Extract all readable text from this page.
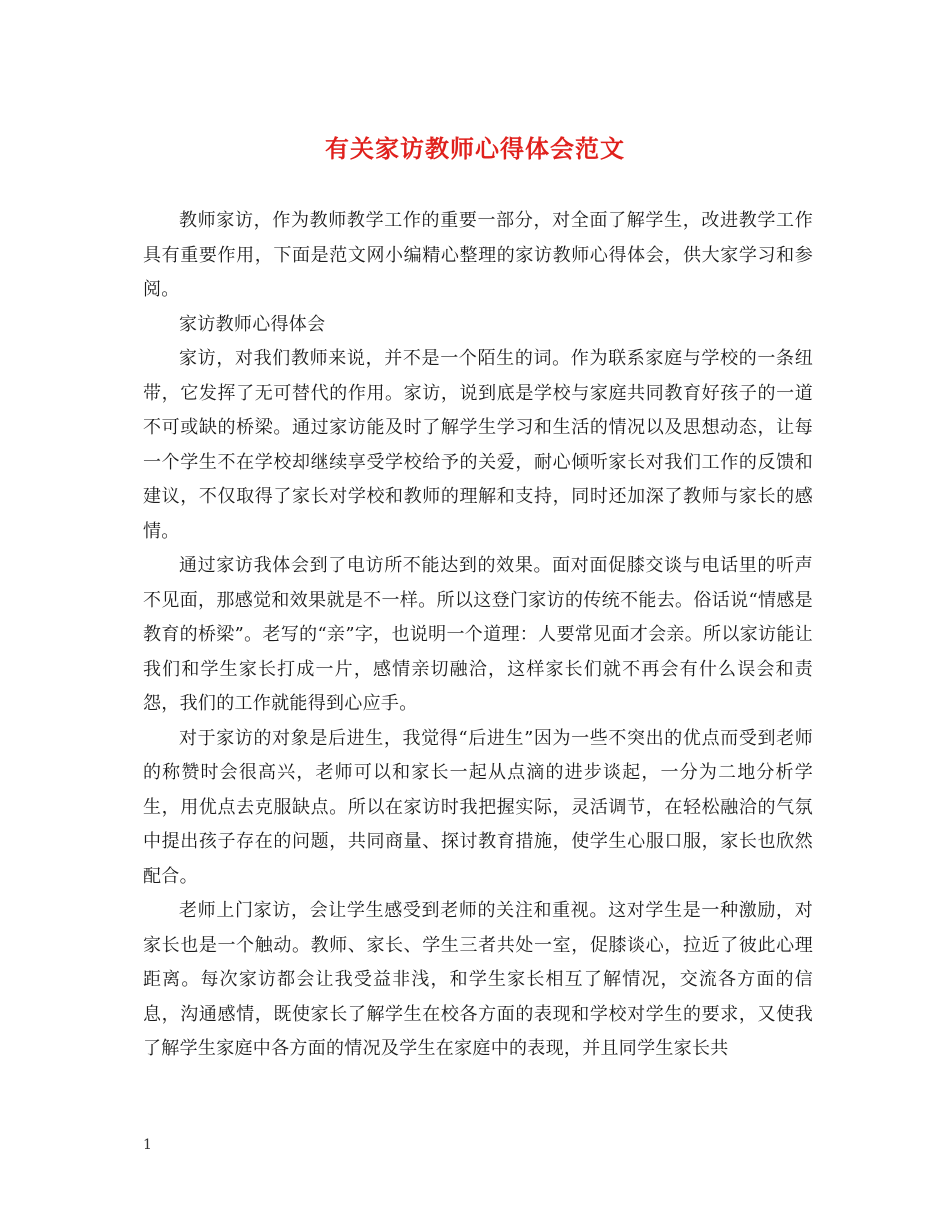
有关家访教师心得体会范文

教师家访，作为教师教学工作的重要一部分，对全面了解学生，改进教学工作具有重要作用，下面是范文网小编精心整理的家访教师心得体会，供大家学习和参阅。

家访教师心得体会

家访，对我们教师来说，并不是一个陌生的词。作为联系家庭与学校的一条纽带，它发挥了无可替代的作用。家访，说到底是学校与家庭共同教育好孩子的一道不可或缺的桥梁。通过家访能及时了解学生学习和生活的情况以及思想动态，让每一个学生不在学校却继续享受学校给予的关爱，耐心倾听家长对我们工作的反馈和建议，不仅取得了家长对学校和教师的理解和支持，同时还加深了教师与家长的感情。

通过家访我体会到了电访所不能达到的效果。面对面促膝交谈与电话里的听声不见面，那感觉和效果就是不一样。所以这登门家访的传统不能去。俗话说“情感是教育的桥梁”。老写的“亲”字，也说明一个道理：人要常见面才会亲。所以家访能让我们和学生家长打成一片，感情亲切融洽，这样家长们就不再会有什么误会和责怨，我们的工作就能得到心应手。

对于家访的对象是后进生，我觉得“后进生”因为一些不突出的优点而受到老师的称赞时会很高兴，老师可以和家长一起从点滴的进步谈起，一分为二地分析学生，用优点去克服缺点。所以在家访时我把握实际，灵活调节，在轻松融洽的气氛中提出孩子存在的问题，共同商量、探讨教育措施，使学生心服口服，家长也欣然配合。

老师上门家访，会让学生感受到老师的关注和重视。这对学生是一种激励，对家长也是一个触动。教师、家长、学生三者共处一室，促膝谈心，拉近了彼此心理距离。每次家访都会让我受益非浅，和学生家长相互了解情况，交流各方面的信息，沟通感情，既使家长了解学生在校各方面的表现和学校对学生的要求，又使我了解学生家庭中各方面的情况及学生在家庭中的表现，并且同学生家长共

1
